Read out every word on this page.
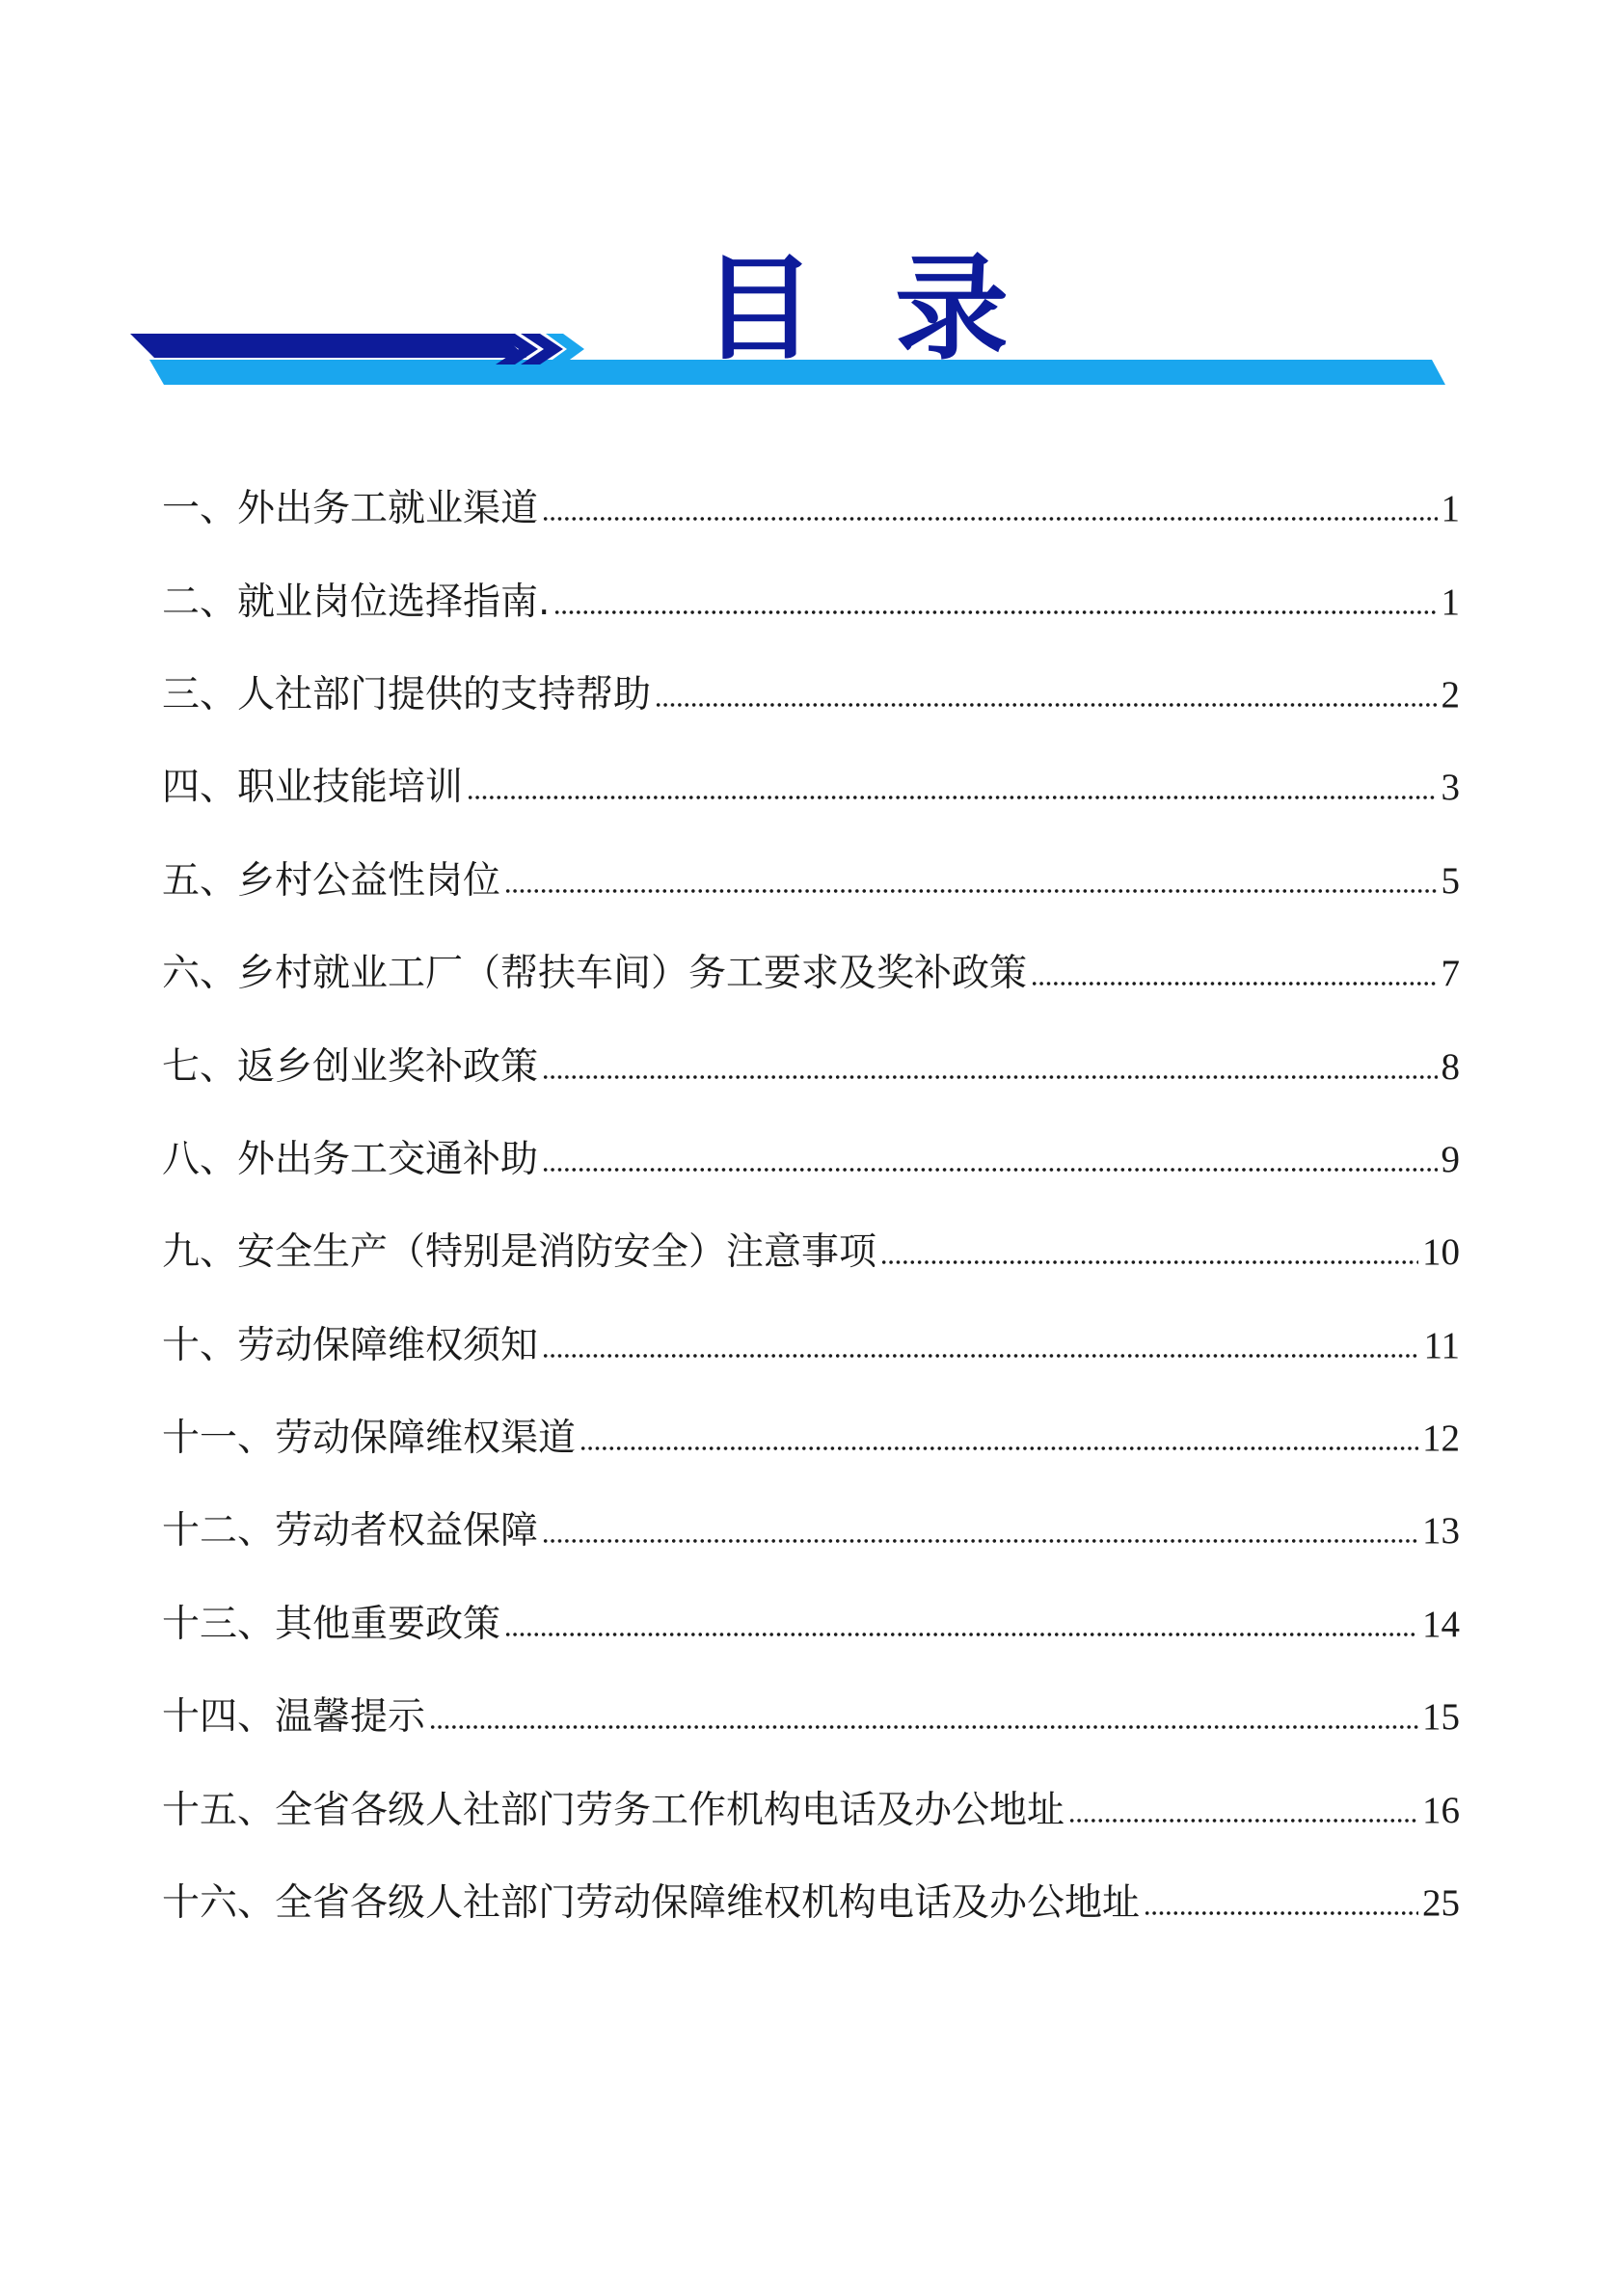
目 录
一、外出务工就业渠道	1
二、就业岗位选择指南.	1
三、人社部门提供的支持帮助	2
四、职业技能培训	3
五、乡村公益性岗位	5
六、乡村就业工厂（帮扶车间）务工要求及奖补政策	7
七、返乡创业奖补政策	8
八、外出务工交通补助	9
九、安全生产（特别是消防安全）注意事项	10
十、劳动保障维权须知	11
十一、劳动保障维权渠道	12
十二、劳动者权益保障	13
十三、其他重要政策	14
十四、温馨提示	15
十五、全省各级人社部门劳务工作机构电话及办公地址	16
十六、全省各级人社部门劳动保障维权机构电话及办公地址	25
